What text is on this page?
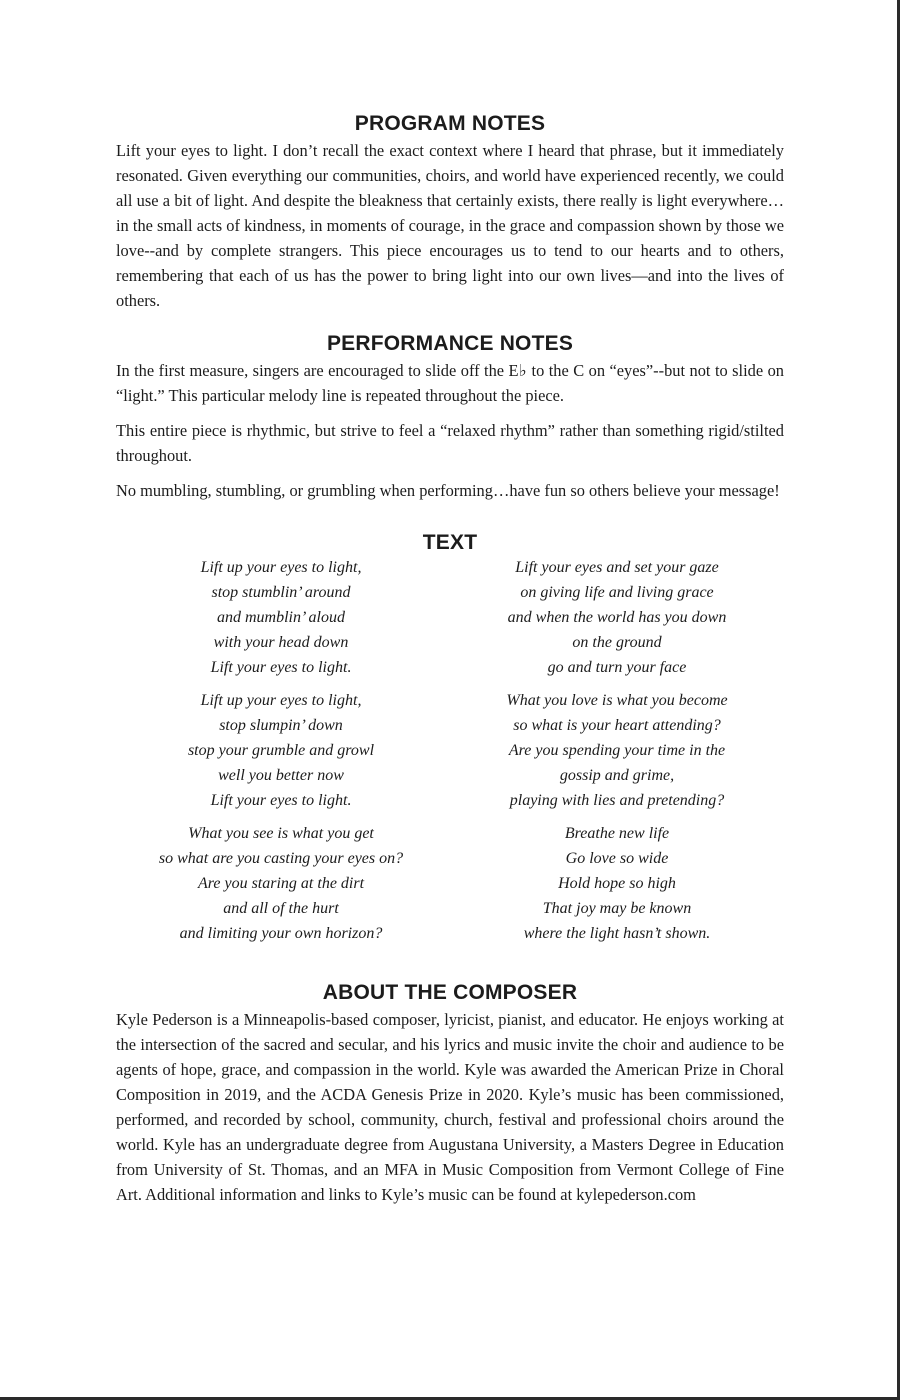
PROGRAM NOTES

Lift your eyes to light. I don’t recall the exact context where I heard that phrase, but it immediately resonated. Given everything our communities, choirs, and world have experienced recently, we could all use a bit of light. And despite the bleakness that certainly exists, there really is light everywhere…in the small acts of kindness, in moments of courage, in the grace and compassion shown by those we love--and by complete strangers. This piece encourages us to tend to our hearts and to others, remembering that each of us has the power to bring light into our own lives—and into the lives of others.

PERFORMANCE NOTES

In the first measure, singers are encouraged to slide off the E♭ to the C on “eyes”--but not to slide on “light.” This particular melody line is repeated throughout the piece.

This entire piece is rhythmic, but strive to feel a “relaxed rhythm” rather than something rigid/stilted throughout.

No mumbling, stumbling, or grumbling when performing…have fun so others believe your message!

TEXT
Lift up your eyes to light,
stop stumblin’ around
and mumblin’ aloud
with your head down
Lift your eyes to light.
Lift up your eyes to light,
stop slumpin’ down
stop your grumble and growl
well you better now
Lift your eyes to light.
What you see is what you get
so what are you casting your eyes on?
Are you staring at the dirt
and all of the hurt
and limiting your own horizon?
Lift your eyes and set your gaze
on giving life and living grace
and when the world has you down
on the ground
go and turn your face
What you love is what you become
so what is your heart attending?
Are you spending your time in the
gossip and grime,
playing with lies and pretending?
Breathe new life
Go love so wide
Hold hope so high
That joy may be known
where the light hasn’t shown.
ABOUT THE COMPOSER

Kyle Pederson is a Minneapolis-based composer, lyricist, pianist, and educator. He enjoys working at the intersection of the sacred and secular, and his lyrics and music invite the choir and audience to be agents of hope, grace, and compassion in the world. Kyle was awarded the American Prize in Choral Composition in 2019, and the ACDA Genesis Prize in 2020. Kyle’s music has been commissioned, performed, and recorded by school, community, church, festival and professional choirs around the world. Kyle has an undergraduate degree from Augustana University, a Masters Degree in Education from University of St. Thomas, and an MFA in Music Composition from Vermont College of Fine Art. Additional information and links to Kyle’s music can be found at kylepederson.com
